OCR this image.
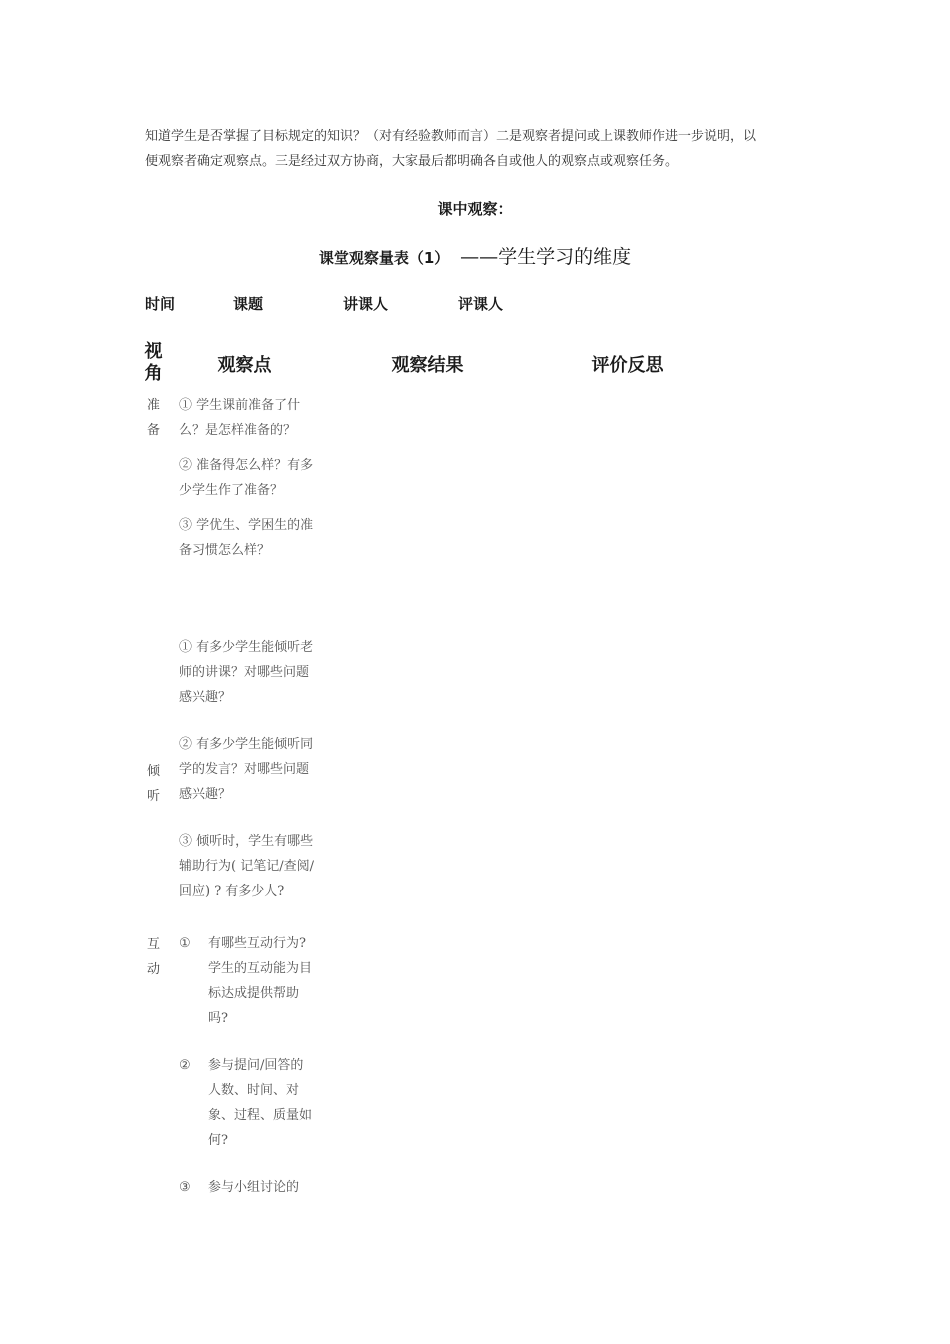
知道学生是否掌握了目标规定的知识？（对有经验教师而言）二是观察者提问或上课教师作进一步说明，以

便观察者确定观察点。三是经过双方协商，大家最后都明确各自或他人的观察点或观察任务。

课中观察：
课堂观察量表（1） ——学生学习的维度
时间	课题	讲课人	评课人
视
角	观察点	观察结果	评价反思
准
备

① 学生课前准备了什么？是怎样准备的？

② 准备得怎么样？有多少学生作了准备？

③ 学优生、学困生的准备习惯怎么样？

倾
听

① 有多少学生能倾听老师的讲课？对哪些问题感兴趣？

② 有多少学生能倾听同学的发言？对哪些问题感兴趣？

③ 倾听时，学生有哪些辅助行为( 记笔记/查阅/回应) ? 有多少人?

互
动

① 有哪些互动行为? 学生的互动能为目标达成提供帮助吗?

② 参与提问/回答的人数、时间、对象、过程、质量如何?

③ 参与小组讨论的
